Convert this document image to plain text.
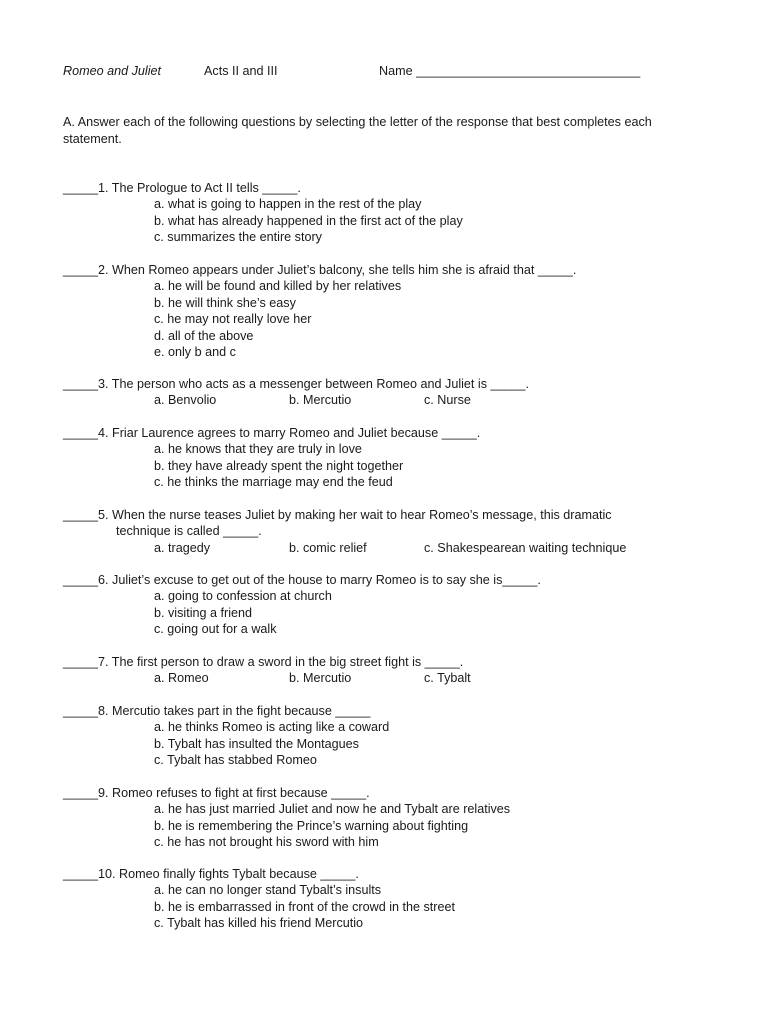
Romeo and Juliet	Acts II and III	Name ________________________________
A. Answer each of the following questions by selecting the letter of the response that best completes each statement.
_____1. The Prologue to Act II tells _____.
a. what is going to happen in the rest of the play
b. what has already happened in the first act of the play
c. summarizes the entire story
_____2. When Romeo appears under Juliet’s balcony, she tells him she is afraid that _____.
a. he will be found and killed by her relatives
b. he will think she’s easy
c. he may not really love her
d. all of the above
e. only b and c
_____3. The person who acts as a messenger between Romeo and Juliet is _____.
a. Benvolio	b. Mercutio	c. Nurse
_____4. Friar Laurence agrees to marry Romeo and Juliet because _____.
a. he knows that they are truly in love
b. they have already spent the night together
c. he thinks the marriage may end the feud
_____5. When the nurse teases Juliet by making her wait to hear Romeo’s message, this dramatic
technique is called _____.
a. tragedy	b. comic relief	c. Shakespearean waiting technique
_____6. Juliet’s excuse to get out of the house to marry Romeo is to say she is_____.
a. going to confession at church
b. visiting a friend
c. going out for a walk
_____7. The first person to draw a sword in the big street fight is _____.
a. Romeo	b. Mercutio	c. Tybalt
_____8. Mercutio takes part in the fight because _____
a. he thinks Romeo is acting like a coward
b. Tybalt has insulted the Montagues
c. Tybalt has stabbed Romeo
_____9. Romeo refuses to fight at first because _____.
a. he has just married Juliet and now he and Tybalt are relatives
b. he is remembering the Prince’s warning about fighting
c. he has not brought his sword with him
_____10. Romeo finally fights Tybalt because _____.
a. he can no longer stand Tybalt’s insults
b. he is embarrassed in front of the crowd in the street
c. Tybalt has killed his friend Mercutio
